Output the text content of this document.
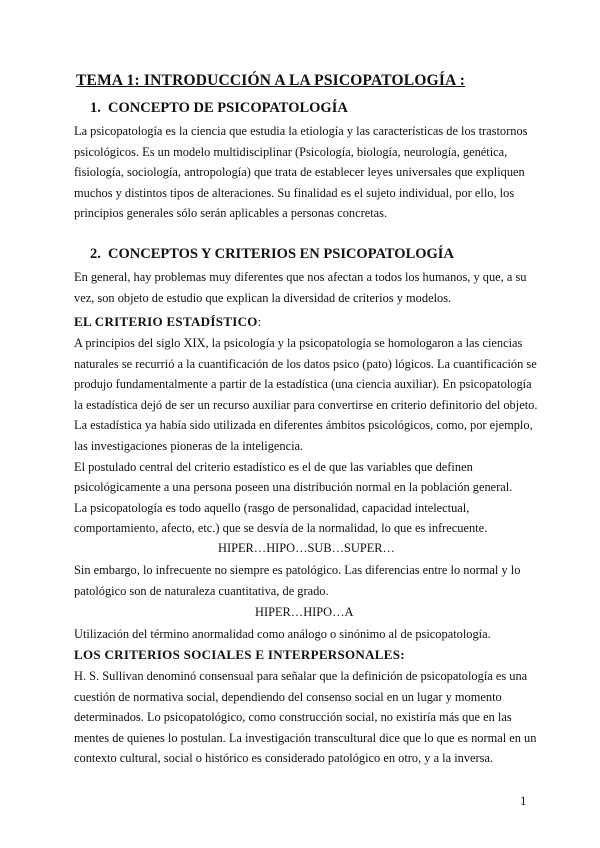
TEMA 1: INTRODUCCIÓN A LA PSICOPATOLOGÍA :
1. CONCEPTO DE PSICOPATOLOGÍA
La psicopatología es la ciencia que estudia la etiología y las características de los trastornos
psicológicos. Es un modelo multidisciplinar (Psicología, biología, neurología, genética,
fisiología, sociología, antropología) que trata de establecer leyes universales que expliquen
muchos y distintos tipos de alteraciones. Su finalidad es el sujeto individual, por ello, los
principios generales sólo serán aplicables a personas concretas.
2. CONCEPTOS Y CRITERIOS EN PSICOPATOLOGÍA
En general, hay problemas muy diferentes que nos afectan a todos los humanos, y que, a su
vez, son objeto de estudio que explican la diversidad de criterios y modelos.
EL CRITERIO ESTADÍSTICO:
A principios del siglo XIX, la psicología y la psicopatología se homologaron a las ciencias
naturales se recurrió a la cuantificación de los datos psico (pato) lógicos. La cuantificación se
produjo fundamentalmente a partir de la estadística (una ciencia auxiliar). En psicopatología
la estadística dejó de ser un recurso auxiliar para convertirse en criterio definitorio del objeto.
La estadística ya había sido utilizada en diferentes ámbitos psicológicos, como, por ejemplo,
las investigaciones pioneras de la inteligencia.
El postulado central del criterio estadístico es el de que las variables que definen
psicológicamente a una persona poseen una distribución normal en la población general.
La psicopatología es todo aquello (rasgo de personalidad, capacidad intelectual,
comportamiento, afecto, etc.) que se desvía de la normalidad, lo que es infrecuente.
HIPER…HIPO…SUB…SUPER…
Sin embargo, lo infrecuente no siempre es patológico. Las diferencias entre lo normal y lo
patológico son de naturaleza cuantitativa, de grado.
HIPER…HIPO…A
Utilización del término anormalidad como análogo o sinónimo al de psicopatología.
LOS CRITERIOS SOCIALES E INTERPERSONALES:
H. S. Sullivan denominó consensual para señalar que la definición de psicopatología es una
cuestión de normativa social, dependiendo del consenso social en un lugar y momento
determinados. Lo psicopatológico, como construcción social, no existiría más que en las
mentes de quienes lo postulan. La investigación transcultural dice que lo que es normal en un
contexto cultural, social o histórico es considerado patológico en otro, y a la inversa.
1
